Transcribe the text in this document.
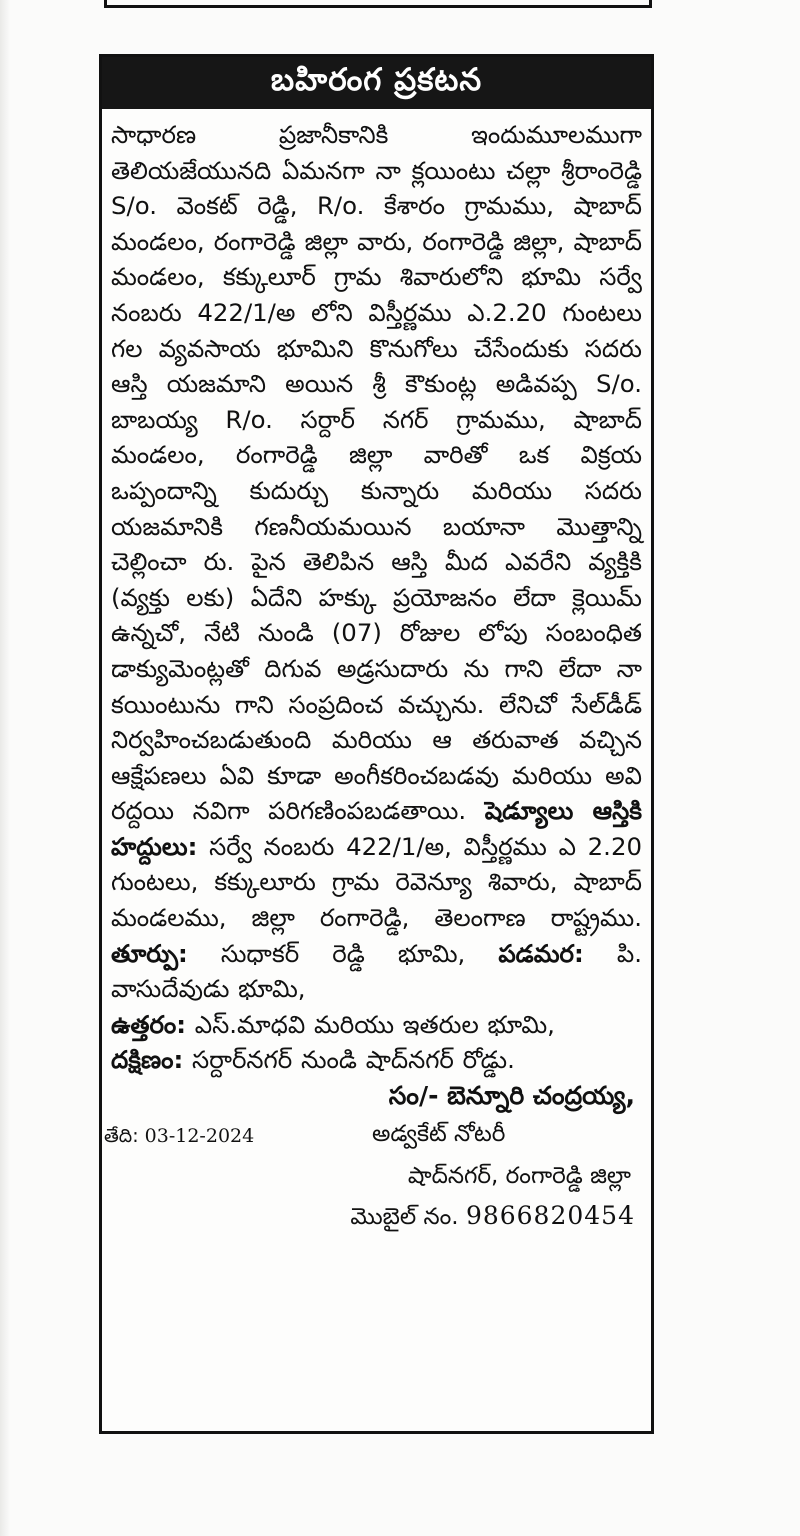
బహిరంగ ప్రకటన
సాధారణ ప్రజానీకానికి ఇందుమూలముగా తెలియజేయునది ఏమనగా నా క్లయింటు చల్లా శ్రీరాంరెడ్డి S/o. వెంకట్ రెడ్డి, R/o. కేశారం గ్రామము, షాబాద్ మండలం, రంగారెడ్డి జిల్లా వారు, రంగారెడ్డి జిల్లా, షాబాద్ మండలం, కక్కులూర్ గ్రామ శివారులోని భూమి సర్వే నంబరు 422/1/అ లోని విస్తీర్ణము ఎ.2.20 గుంటలు గల వ్యవసాయ భూమిని కొనుగోలు చేసేందుకు సదరు ఆస్తి యజమాని అయిన శ్రీ కౌకుంట్ల అడివప్ప S/o. బాబయ్య R/o. సర్దార్ నగర్ గ్రామము, షాబాద్ మండలం, రంగారెడ్డి జిల్లా వారితో ఒక విక్రయ ఒప్పందాన్ని కుదుర్చు కున్నారు మరియు సదరు యజమానికి గణనీయమయిన బయానా మొత్తాన్ని చెల్లించా రు. పైన తెలిపిన ఆస్తి మీద ఎవరేని వ్యక్తికి (వ్యక్తు లకు) ఏదేని హక్కు ప్రయోజనం లేదా క్లెయిమ్ ఉన్నచో, నేటి నుండి (07) రోజుల లోపు సంబంధిత డాక్యుమెంట్లతో దిగువ అడ్రసుదారు ను గాని లేదా నా కయింటును గాని సంప్రదించ వచ్చును. లేనిచో సేల్‌డీడ్ నిర్వహించబడుతుంది మరియు ఆ తరువాత వచ్చిన ఆక్షేపణలు ఏవి కూడా అంగీకరించబడవు మరియు అవి రద్దయి నవిగా పరిగణింపబడతాయి. షెడ్యూలు ఆస్తికి హద్దులు: సర్వే నంబరు 422/1/అ, విస్తీర్ణము ఎ 2.20 గుంటలు, కక్కులూరు గ్రామ రెవెన్యూ శివారు, షాబాద్ మండలము, జిల్లా రంగారెడ్డి, తెలంగాణ రాష్ట్రము. తూర్పు: సుధాకర్ రెడ్డి భూమి, పడమర: పి. వాసుదేవుడు భూమి,
ఉత్తరం: ఎస్.మాధవి మరియు ఇతరుల భూమి,
దక్షిణం: సర్దార్‌నగర్ నుండి షాద్‌నగర్ రోడ్డు.
సం/- బెన్నూరి చంద్రయ్య,
తేది: 03-12-2024	అడ్వకేట్ నోటరీ
షాద్‌నగర్, రంగారెడ్డి జిల్లా
మొబైల్ నం. 9866820454
